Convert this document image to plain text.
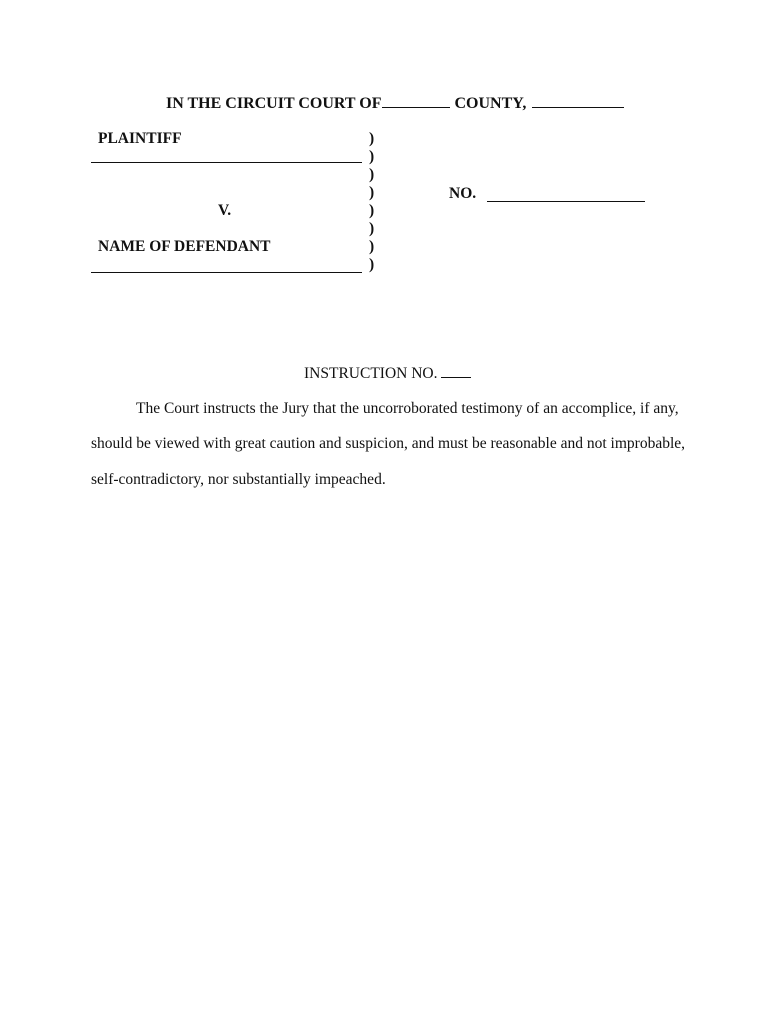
IN THE CIRCUIT COURT OF	COUNTY,
PLAINTIFF
V.
NAME OF DEFENDANT
)
)
)
)
)
)
)
)
NO.
INSTRUCTION NO.
The Court instructs the Jury that the uncorroborated testimony of an accomplice, if any,
should be viewed with great caution and suspicion, and must be reasonable and not improbable,
self-contradictory, nor substantially impeached.
